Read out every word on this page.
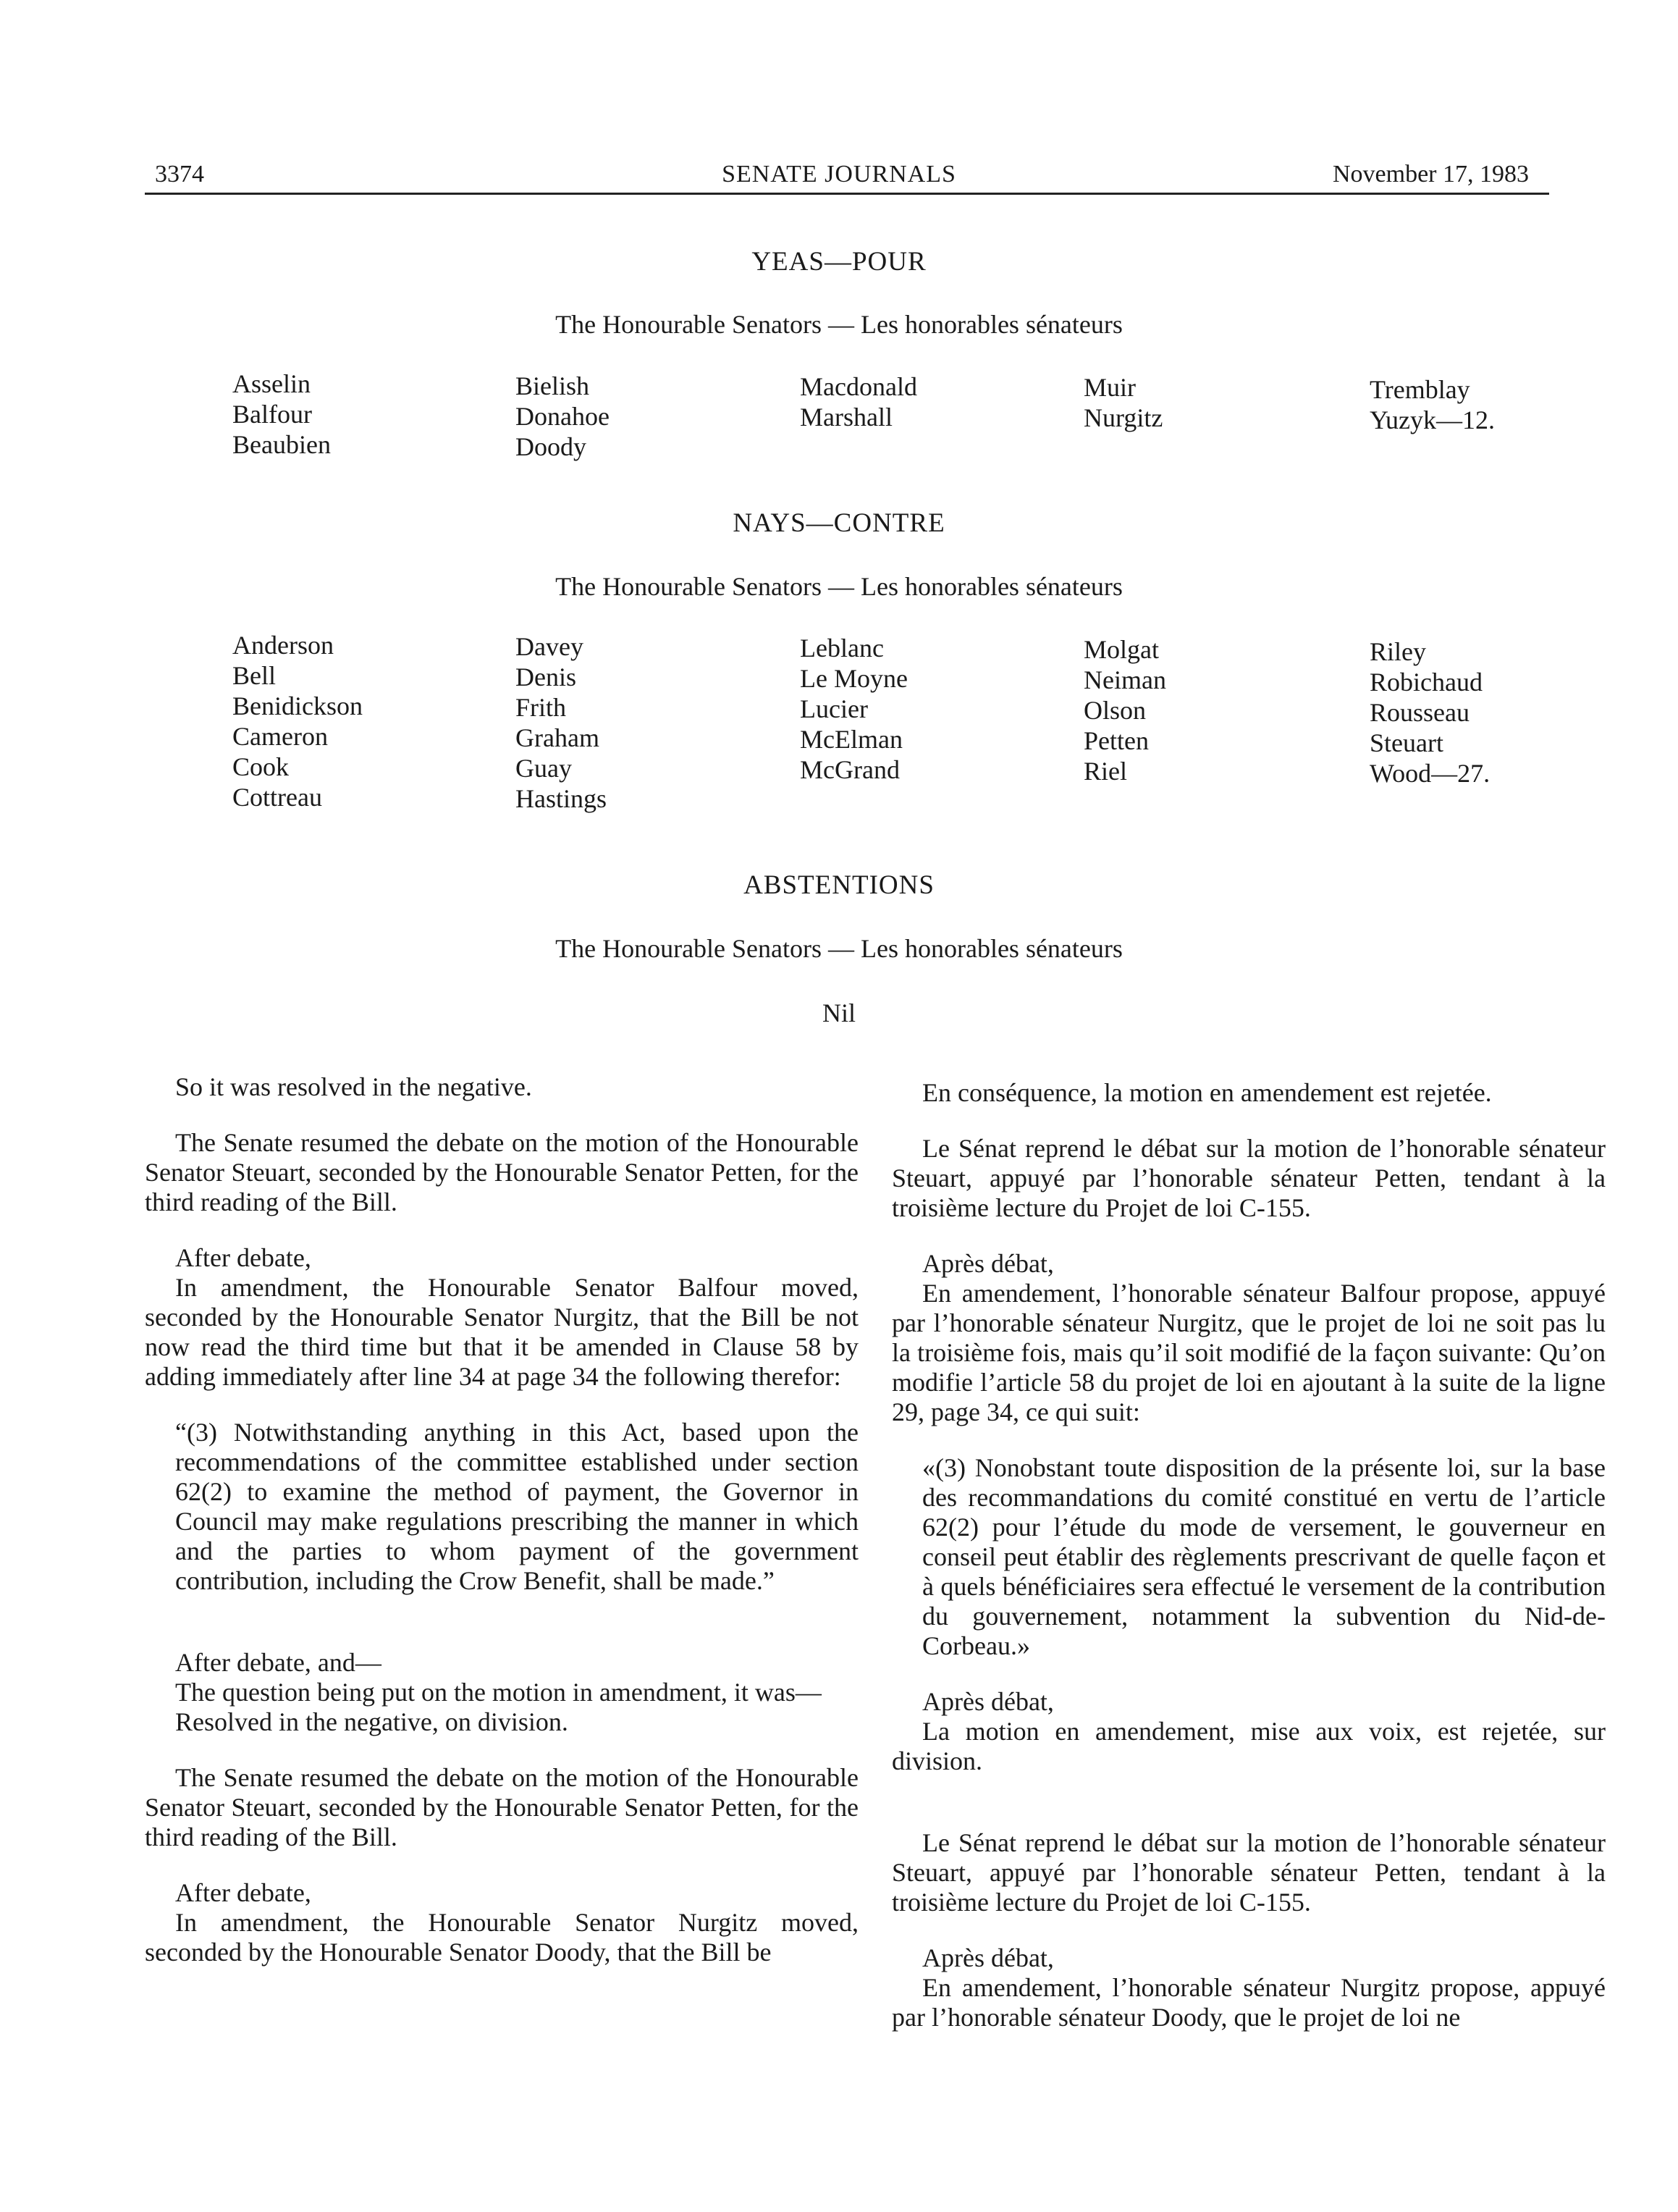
3374	SENATE JOURNALS	November 17, 1983
YEAS—POUR
The Honourable Senators — Les honorables sénateurs
Asselin
Balfour
Beaubien
Bielish
Donahoe
Doody
Macdonald
Marshall
Muir
Nurgitz
Tremblay
Yuzyk—12.
NAYS—CONTRE
The Honourable Senators — Les honorables sénateurs
Anderson
Bell
Benidickson
Cameron
Cook
Cottreau
Davey
Denis
Frith
Graham
Guay
Hastings
Leblanc
Le Moyne
Lucier
McElman
McGrand
Molgat
Neiman
Olson
Petten
Riel
Riley
Robichaud
Rousseau
Steuart
Wood—27.
ABSTENTIONS
The Honourable Senators — Les honorables sénateurs
Nil

So it was resolved in the negative.

The Senate resumed the debate on the motion of the Honourable Senator Steuart, seconded by the Honourable Senator Petten, for the third reading of the Bill.

After debate,

In amendment, the Honourable Senator Balfour moved, seconded by the Honourable Senator Nurgitz, that the Bill be not now read the third time but that it be amended in Clause 58 by adding immediately after line 34 at page 34 the following therefor:

“(3) Notwithstanding anything in this Act, based upon the recommendations of the committee established under section 62(2) to examine the method of payment, the Governor in Council may make regulations prescribing the manner in which and the parties to whom payment of the government contribution, including the Crow Benefit, shall be made.”

After debate, and—

The question being put on the motion in amendment, it was—

Resolved in the negative, on division.

The Senate resumed the debate on the motion of the Honourable Senator Steuart, seconded by the Honourable Senator Petten, for the third reading of the Bill.

After debate,

In amendment, the Honourable Senator Nurgitz moved, seconded by the Honourable Senator Doody, that the Bill be

En conséquence, la motion en amendement est rejetée.

Le Sénat reprend le débat sur la motion de l’honorable sénateur Steuart, appuyé par l’honorable sénateur Petten, tendant à la troisième lecture du Projet de loi C-155.

Après débat,

En amendement, l’honorable sénateur Balfour propose, appuyé par l’honorable sénateur Nurgitz, que le projet de loi ne soit pas lu la troisième fois, mais qu’il soit modifié de la façon suivante: Qu’on modifie l’article 58 du projet de loi en ajoutant à la suite de la ligne 29, page 34, ce qui suit:

«(3) Nonobstant toute disposition de la présente loi, sur la base des recommandations du comité constitué en vertu de l’article 62(2) pour l’étude du mode de versement, le gouverneur en conseil peut établir des règlements prescrivant de quelle façon et à quels bénéficiaires sera effectué le versement de la contribution du gouvernement, notamment la subvention du Nid-de-Corbeau.»

Après débat,

La motion en amendement, mise aux voix, est rejetée, sur division.

Le Sénat reprend le débat sur la motion de l’honorable sénateur Steuart, appuyé par l’honorable sénateur Petten, tendant à la troisième lecture du Projet de loi C-155.

Après débat,

En amendement, l’honorable sénateur Nurgitz propose, appuyé par l’honorable sénateur Doody, que le projet de loi ne
